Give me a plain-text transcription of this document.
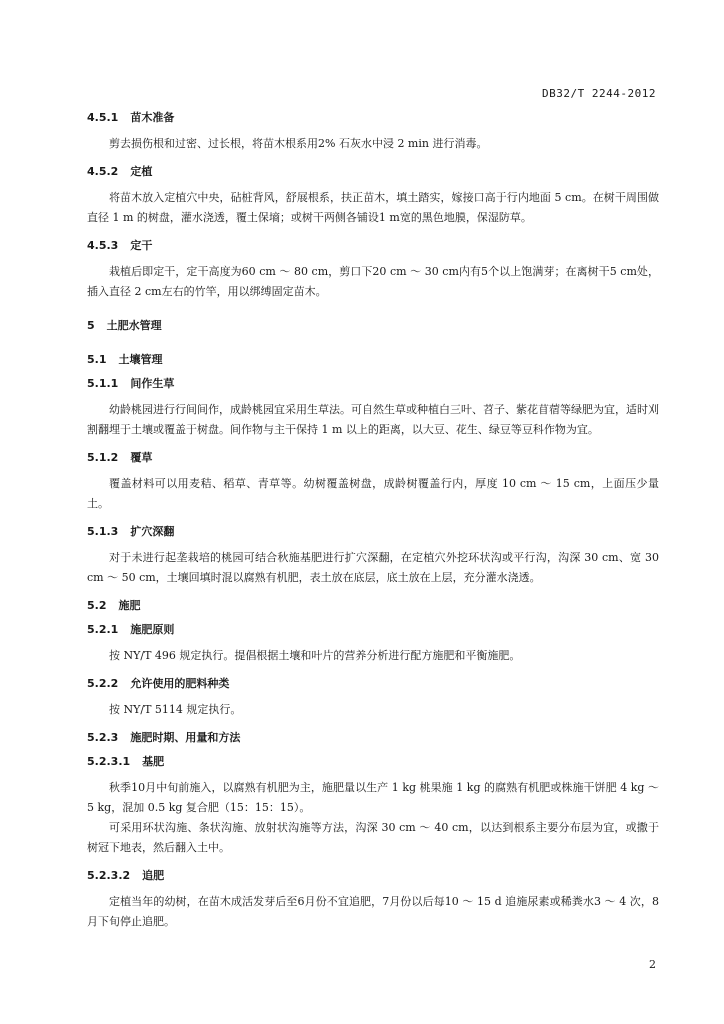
DB32/T 2244-2012

4.5.1 苗木准备

剪去损伤根和过密、过长根，将苗木根系用2% 石灰水中浸 2 min 进行消毒。

4.5.2 定植

将苗木放入定植穴中央，砧桩背风，舒展根系，扶正苗木，填土踏实，嫁接口高于行内地面 5 cm。在树干周围做直径 1 m 的树盘，灌水浇透，覆土保墒；或树干两侧各铺设1 m宽的黑色地膜，保湿防草。

4.5.3 定干

栽植后即定干，定干高度为60 cm ～ 80 cm，剪口下20 cm ～ 30 cm内有5个以上饱满芽；在离树干5 cm处，插入直径 2 cm左右的竹竿，用以绑缚固定苗木。

5 土肥水管理

5.1 土壤管理

5.1.1 间作生草

幼龄桃园进行行间间作，成龄桃园宜采用生草法。可自然生草或种植白三叶、苕子、紫花苜蓿等绿肥为宜，适时刈割翻埋于土壤或覆盖于树盘。间作物与主干保持 1 m 以上的距离，以大豆、花生、绿豆等豆科作物为宜。

5.1.2 覆草

覆盖材料可以用麦秸、稻草、青草等。幼树覆盖树盘，成龄树覆盖行内，厚度 10 cm ～ 15 cm，上面压少量土。

5.1.3 扩穴深翻

对于未进行起垄栽培的桃园可结合秋施基肥进行扩穴深翻，在定植穴外挖环状沟或平行沟，沟深 30 cm、宽 30 cm ～ 50 cm，土壤回填时混以腐熟有机肥，表土放在底层，底土放在上层，充分灌水浇透。

5.2 施肥

5.2.1 施肥原则

按 NY/T 496 规定执行。提倡根据土壤和叶片的营养分析进行配方施肥和平衡施肥。

5.2.2 允许使用的肥料种类

按 NY/T 5114 规定执行。

5.2.3 施肥时期、用量和方法

5.2.3.1 基肥

秋季10月中旬前施入，以腐熟有机肥为主，施肥量以生产 1 kg 桃果施 1 kg 的腐熟有机肥或株施干饼肥 4 kg ～ 5 kg，混加 0.5 kg 复合肥（15：15：15）。

可采用环状沟施、条状沟施、放射状沟施等方法，沟深 30 cm ～ 40 cm，以达到根系主要分布层为宜，或撒于树冠下地表，然后翻入土中。

5.2.3.2 追肥

定植当年的幼树，在苗木成活发芽后至6月份不宜追肥，7月份以后每10 ～ 15 d 追施尿素或稀粪水3 ～ 4 次，8月下旬停止追肥。

2
